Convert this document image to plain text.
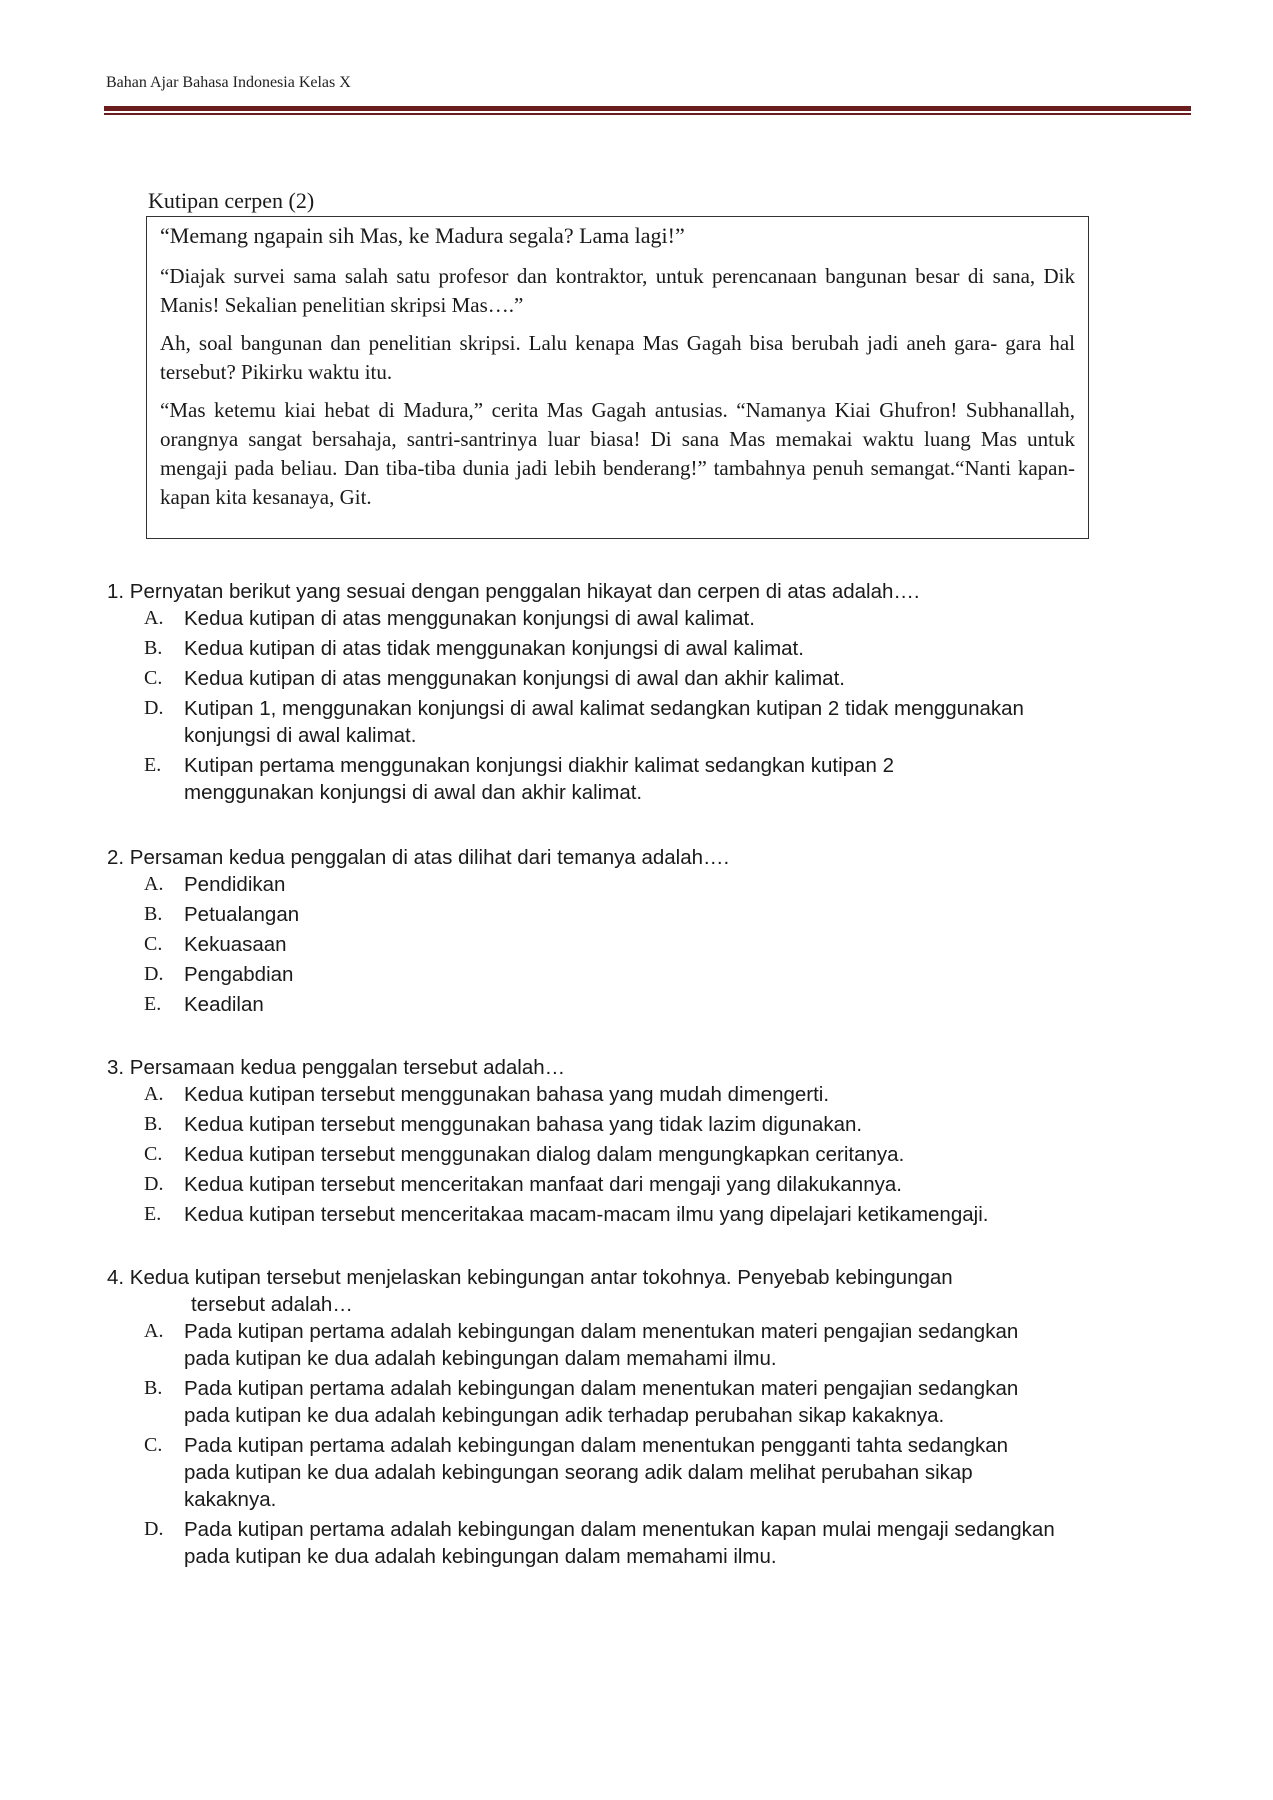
Bahan Ajar Bahasa Indonesia Kelas X
Kutipan cerpen (2)

“Memang ngapain sih Mas, ke Madura segala? Lama lagi!”

“Diajak survei sama salah satu profesor dan kontraktor, untuk perencanaan bangunan besar di sana, Dik Manis! Sekalian penelitian skripsi Mas….”

Ah, soal bangunan dan penelitian skripsi. Lalu kenapa Mas Gagah bisa berubah jadi aneh gara- gara hal tersebut? Pikirku waktu itu.

“Mas ketemu kiai hebat di Madura,” cerita Mas Gagah antusias. “Namanya Kiai Ghufron! Subhanallah, orangnya sangat bersahaja, santri-santrinya luar biasa! Di sana Mas memakai waktu luang Mas untuk mengaji pada beliau. Dan tiba-tiba dunia jadi lebih benderang!” tambahnya penuh semangat.“Nanti kapan-kapan kita kesanaya, Git.

1. Pernyatan berikut yang sesuai dengan penggalan hikayat dan cerpen di atas adalah….
A. Kedua kutipan di atas menggunakan konjungsi di awal kalimat.
B. Kedua kutipan di atas tidak menggunakan konjungsi di awal kalimat.
C. Kedua kutipan di atas menggunakan konjungsi di awal dan akhir kalimat.
D. Kutipan 1, menggunakan konjungsi di awal kalimat sedangkan kutipan 2 tidak menggunakan konjungsi di awal kalimat.
E. Kutipan pertama menggunakan konjungsi diakhir kalimat sedangkan kutipan 2 menggunakan konjungsi di awal dan akhir kalimat.
2. Persaman kedua penggalan di atas dilihat dari temanya adalah….
A. Pendidikan
B. Petualangan
C. Kekuasaan
D. Pengabdian
E. Keadilan
3. Persamaan kedua penggalan tersebut adalah…
A. Kedua kutipan tersebut menggunakan bahasa yang mudah dimengerti.
B. Kedua kutipan tersebut menggunakan bahasa yang tidak lazim digunakan.
C. Kedua kutipan tersebut menggunakan dialog dalam mengungkapkan ceritanya.
D. Kedua kutipan tersebut menceritakan manfaat dari mengaji yang dilakukannya.
E. Kedua kutipan tersebut menceritakaa macam-macam ilmu yang dipelajari ketikamengaji.
4. Kedua kutipan tersebut menjelaskan kebingungan antar tokohnya. Penyebab kebingungan
tersebut adalah…
A. Pada kutipan pertama adalah kebingungan dalam menentukan materi pengajian sedangkan pada kutipan ke dua adalah kebingungan dalam memahami ilmu.
B. Pada kutipan pertama adalah kebingungan dalam menentukan materi pengajian sedangkan pada kutipan ke dua adalah kebingungan adik terhadap perubahan sikap kakaknya.
C. Pada kutipan pertama adalah kebingungan dalam menentukan pengganti tahta sedangkan pada kutipan ke dua adalah kebingungan seorang adik dalam melihat perubahan sikap kakaknya.
D. Pada kutipan pertama adalah kebingungan dalam menentukan kapan mulai mengaji sedangkan pada kutipan ke dua adalah kebingungan dalam memahami ilmu.
